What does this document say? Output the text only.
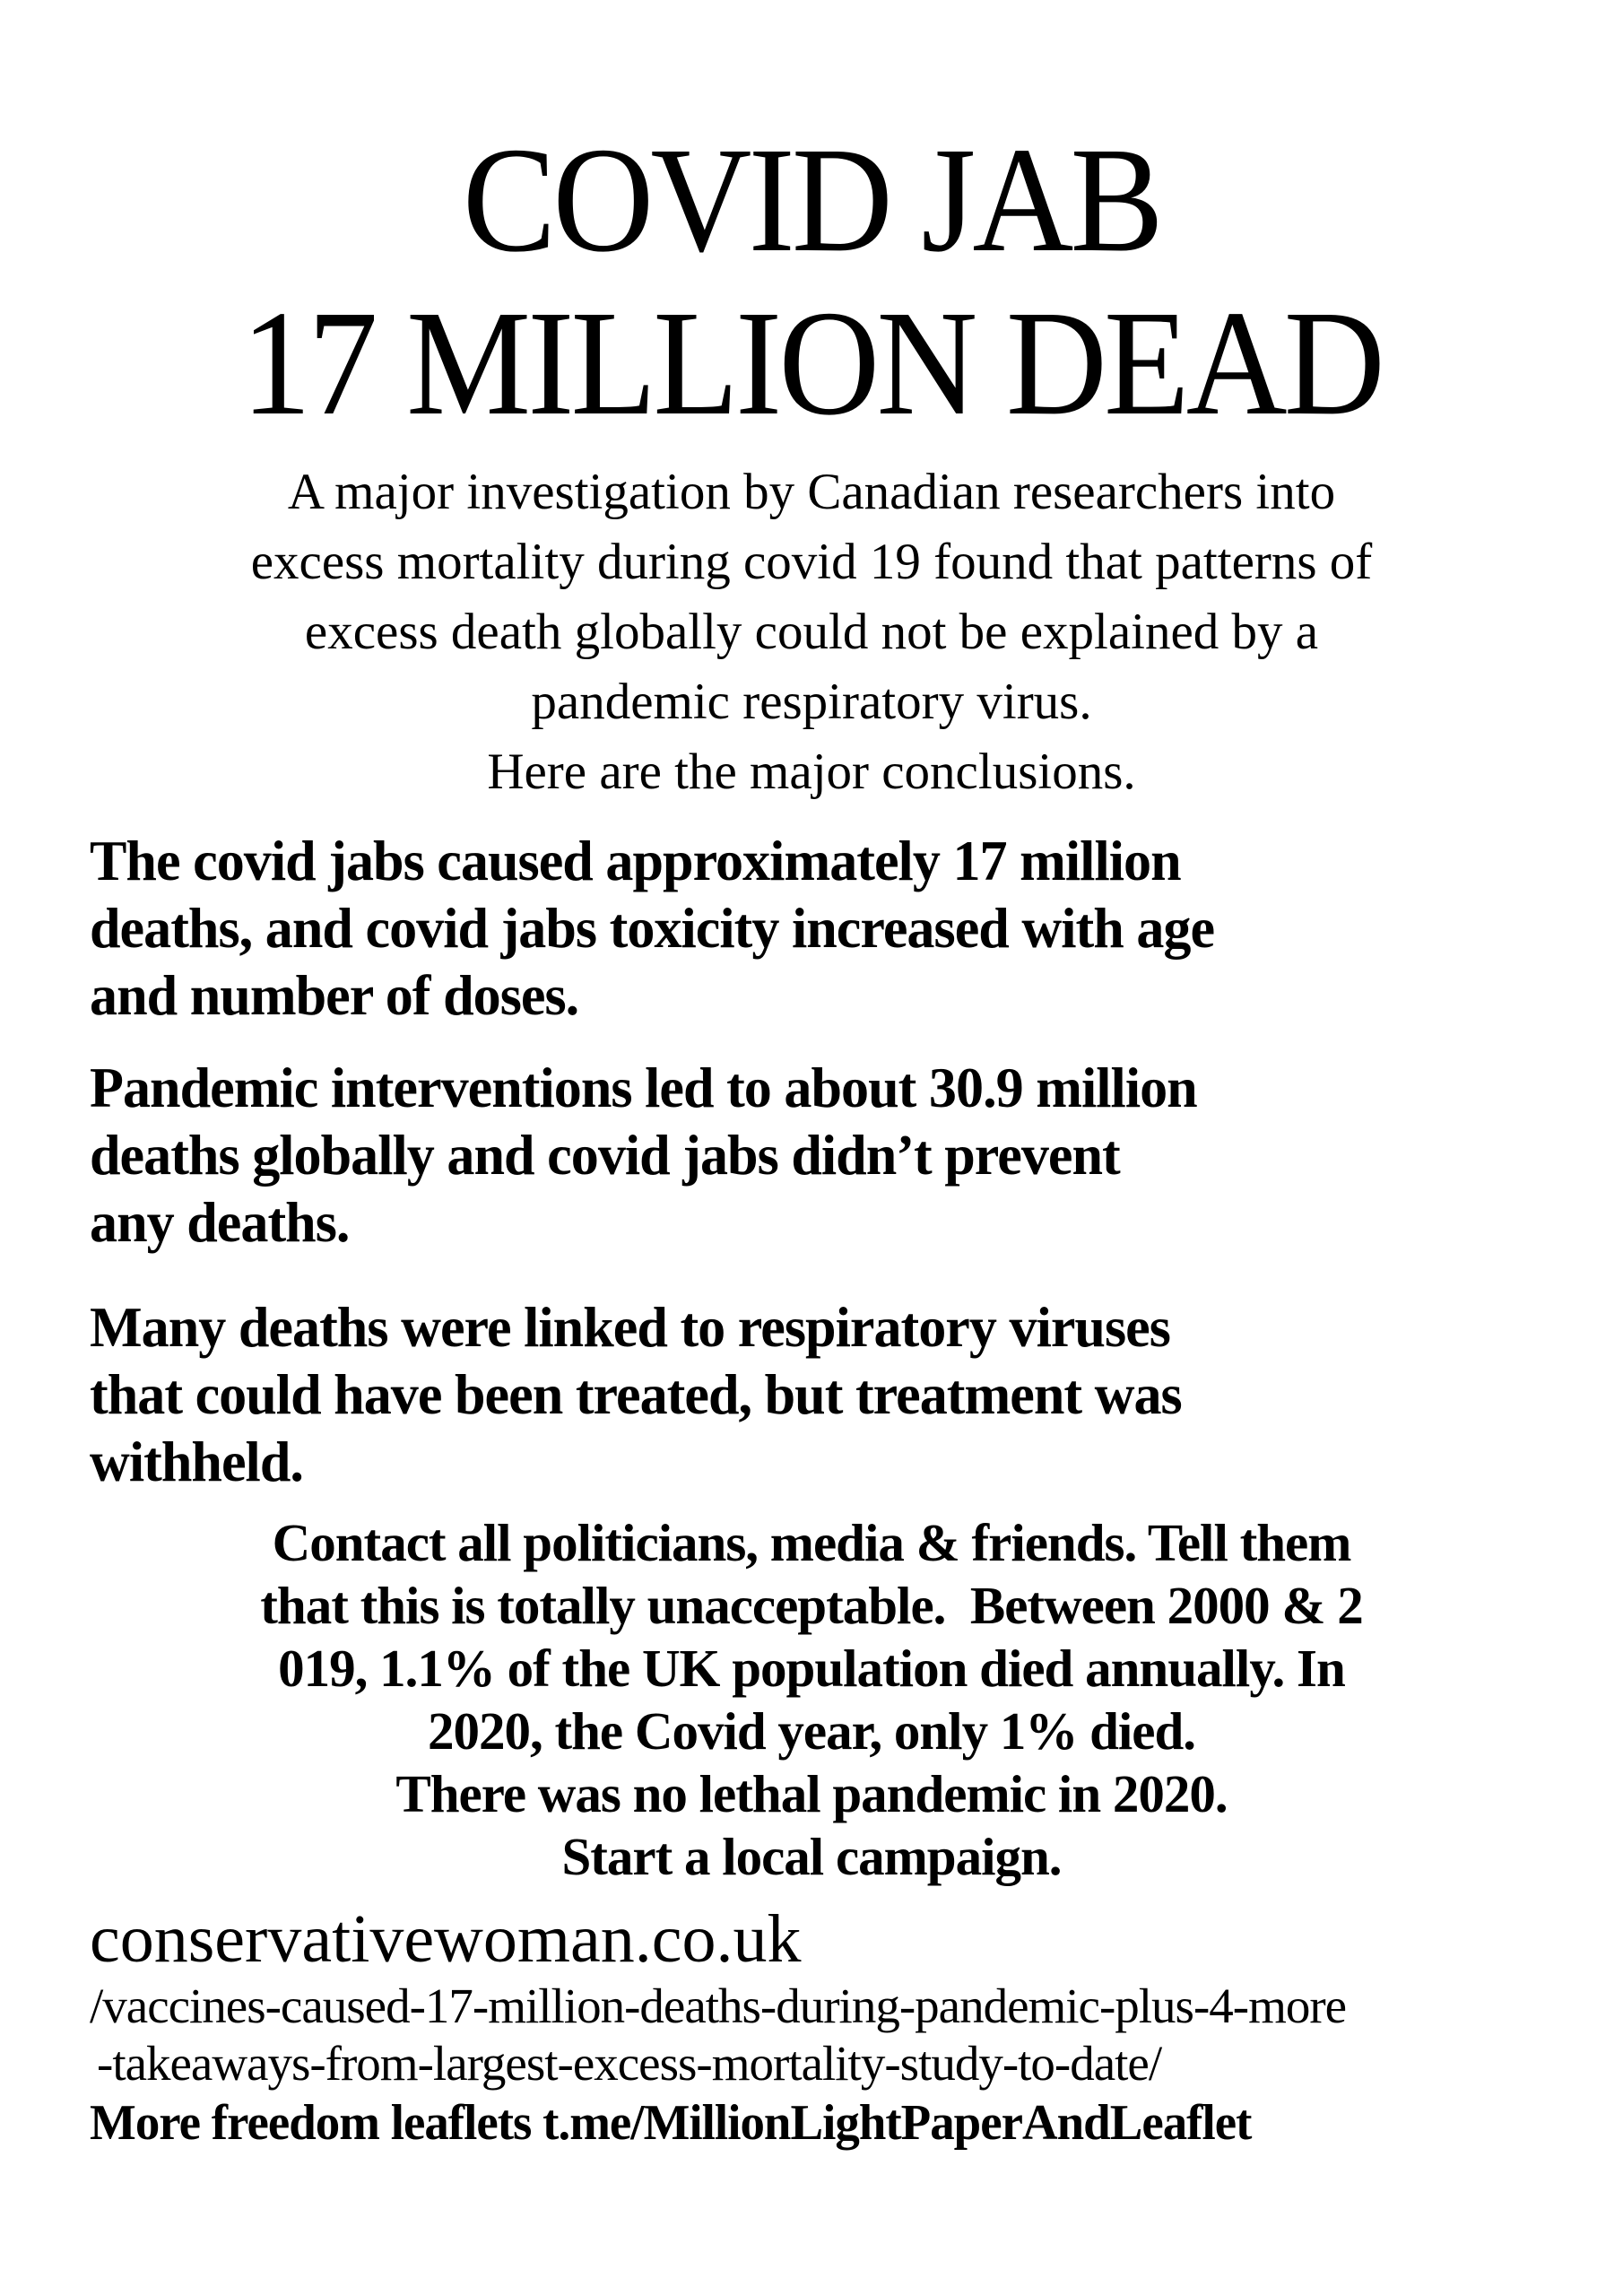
COVID JAB
17 MILLION DEAD
A major investigation by Canadian researchers into
excess mortality during covid 19 found that patterns of
excess death globally could not be explained by a
pandemic respiratory virus.
Here are the major conclusions.
The covid jabs caused approximately 17 million
deaths, and covid jabs toxicity increased with age
and number of doses.
Pandemic interventions led to about 30.9 million
deaths globally and covid jabs didn’t prevent
any deaths.
Many deaths were linked to respiratory viruses
that could have been treated, but treatment was
withheld.
Contact all politicians, media & friends. Tell them
that this is totally unacceptable.  Between 2000 & 2
019, 1.1% of the UK population died annually. In
2020, the Covid year, only 1% died.
There was no lethal pandemic in 2020.
Start a local campaign.
conservativewoman.co.uk
/vaccines-caused-17-million-deaths-during-pandemic-plus-4-more
-takeaways-from-largest-excess-mortality-study-to-date/
More freedom leaflets t.me/MillionLightPaperAndLeaflet
